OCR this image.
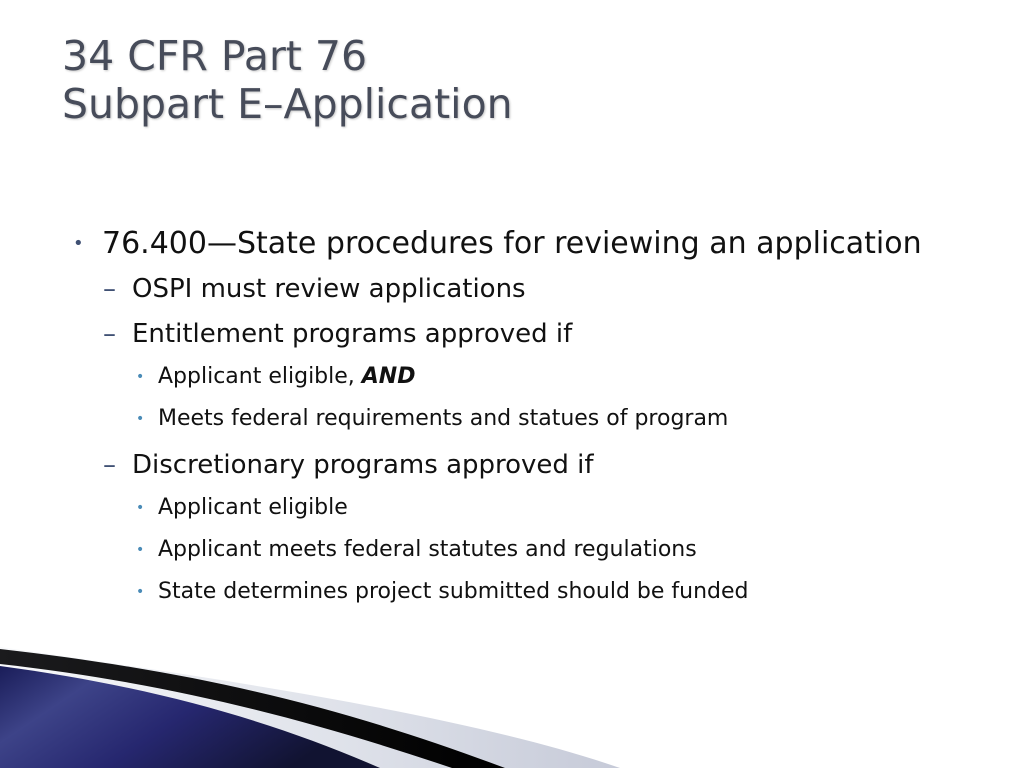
34 CFR Part 76
Subpart E–Application
• 76.400—State procedures for reviewing an application
– OSPI must review applications
– Entitlement programs approved if
• Applicant eligible, AND
• Meets federal requirements and statues of program
– Discretionary programs approved if
• Applicant eligible
• Applicant meets federal statutes and regulations
• State determines project submitted should be funded
